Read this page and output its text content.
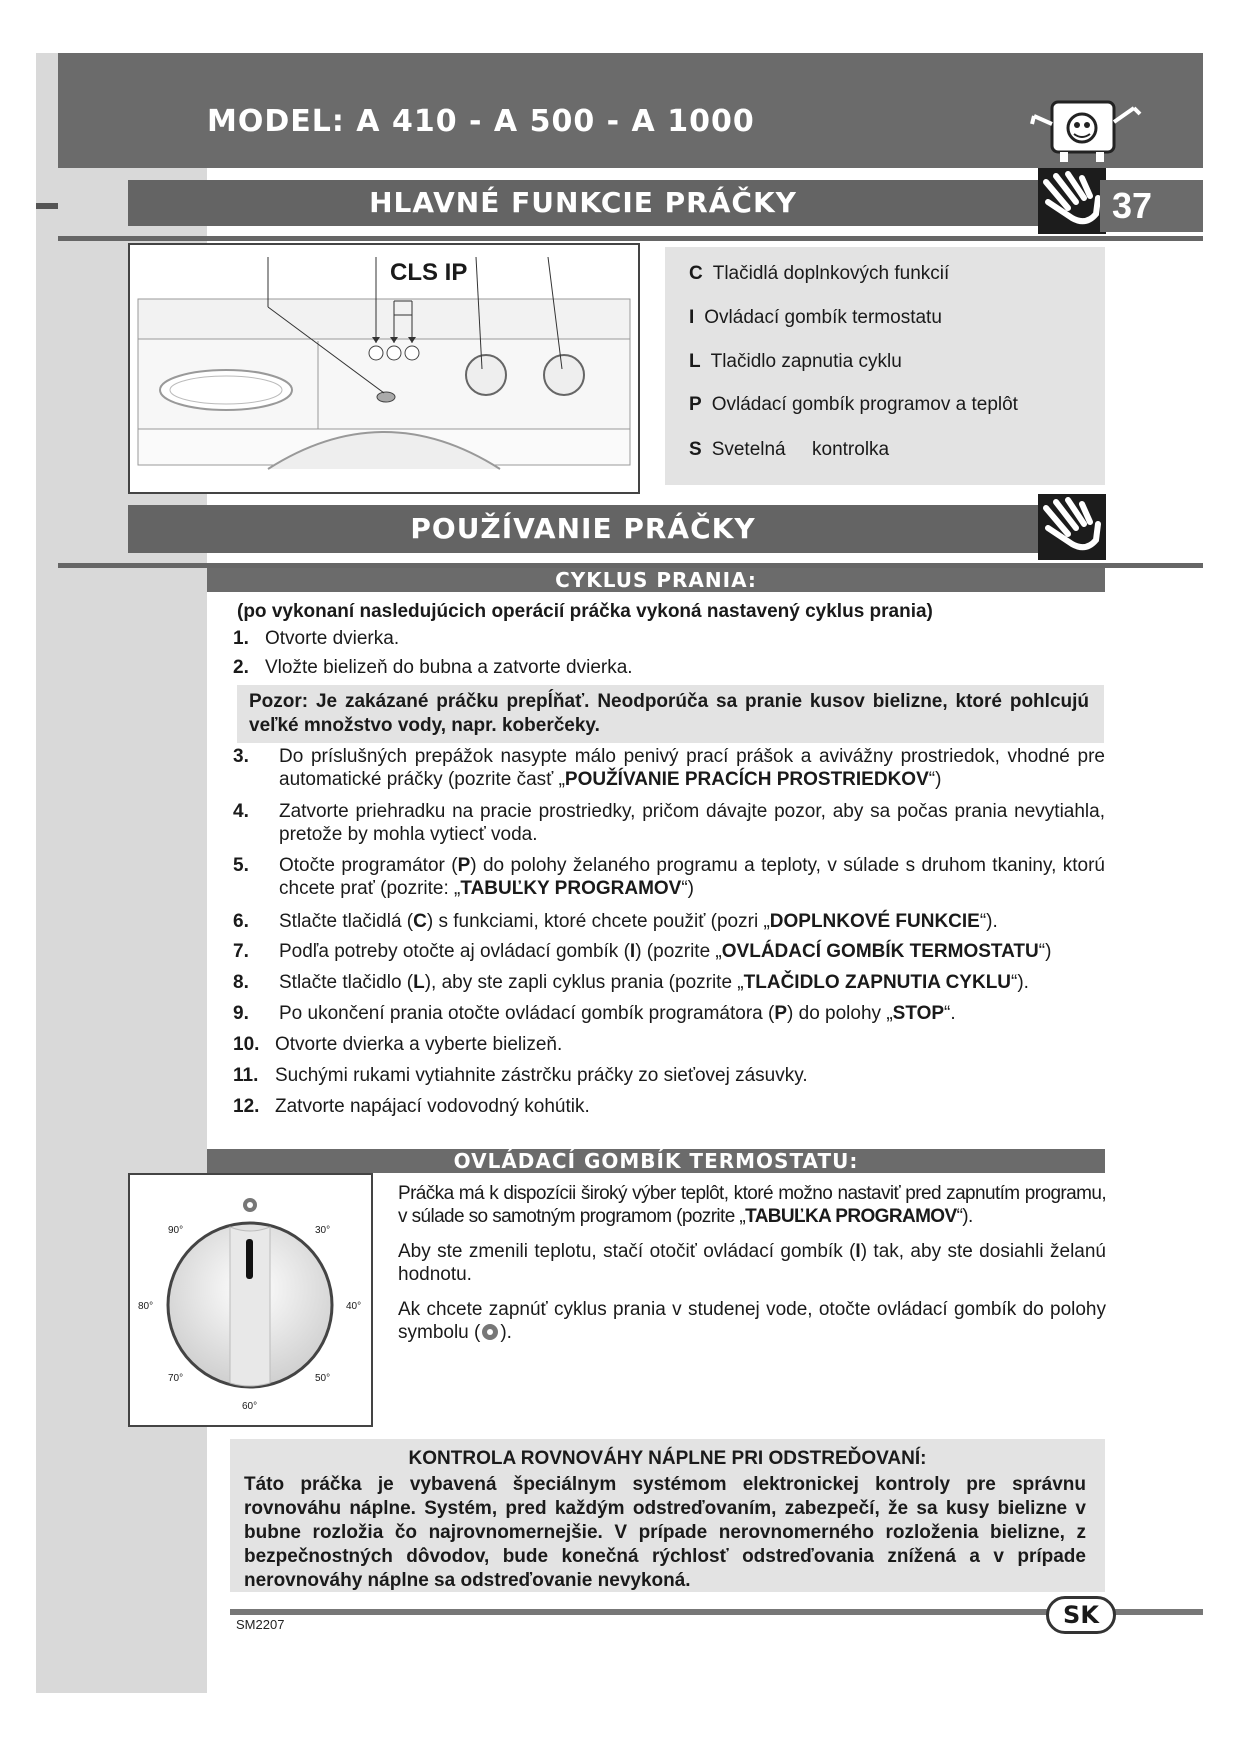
MODEL: A 410 - A 500 - A 1000
HLAVNÉ FUNKCIE PRÁČKY	37
CLS IP	C Tlačidlá doplnkových funkcií
I Ovládací gombík termostatu
L Tlačidlo zapnutia cyklu
P Ovládací gombík programov a teplôt
S Svetelná     kontrolka
POUŽÍVANIE PRÁČKY
CYKLUS PRANIA:
(po vykonaní nasledujúcich operácií práčka vykoná nastavený cyklus prania)
1. Otvorte dvierka.
2. Vložte bielizeň do bubna a zatvorte dvierka.
Pozor: Je zakázané práčku prepĺňať. Neodporúča sa pranie kusov bielizne, ktoré pohlcujú veľké množstvo vody, napr. koberčeky.
3. Do príslušných prepážok nasypte málo penivý prací prášok a avivážny prostriedok, vhodné pre automatické práčky (pozrite časť „POUŽÍVANIE PRACÍCH PROSTRIEDKOV“)
4. Zatvorte priehradku na pracie prostriedky, pričom dávajte pozor, aby sa počas prania nevytiahla, pretože by mohla vytiecť voda.
5. Otočte programátor (P) do polohy želaného programu a teploty, v súlade s druhom tkaniny, ktorú chcete prať (pozrite: „TABUĽKY PROGRAMOV“)
6. Stlačte tlačidlá (C) s funkciami, ktoré chcete použiť (pozri „DOPLNKOVÉ FUNKCIE“).
7. Podľa potreby otočte aj ovládací gombík (I) (pozrite „OVLÁDACÍ GOMBÍK TERMOSTATU“)
8. Stlačte tlačidlo (L), aby ste zapli cyklus prania (pozrite „TLAČIDLO ZAPNUTIA CYKLU“).
9. Po ukončení prania otočte ovládací gombík programátora (P) do polohy „STOP“.
10. Otvorte dvierka a vyberte bielizeň.
11. Suchými rukami vytiahnite zástrčku práčky zo sieťovej zásuvky.
12. Zatvorte napájací vodovodný kohútik.
OVLÁDACÍ GOMBÍK TERMOSTATU:
90°	30°
80°	40°
70°	50°
60°

Práčka má k dispozícii široký výber teplôt, ktoré možno nastaviť pred zapnutím programu, v súlade so samotným programom (pozrite „TABUĽKA PROGRAMOV“).

Aby ste zmenili teplotu, stačí otočiť ovládací gombík (I) tak, aby ste dosiahli želanú hodnotu.

Ak chcete zapnúť cyklus prania v studenej vode, otočte ovládací gombík do polohy symbolu ( ).

KONTROLA ROVNOVÁHY NÁPLNE PRI ODSTREĎOVANÍ:
Táto práčka je vybavená špeciálnym systémom elektronickej kontroly pre správnu rovnováhu náplne. Systém, pred každým odstreďovaním, zabezpečí, že sa kusy bielizne v bubne rozložia čo najrovnomernejšie. V prípade nerovnomerného rozloženia bielizne, z bezpečnostných dôvodov, bude konečná rýchlosť odstreďovania znížená a v prípade nerovnováhy náplne sa odstreďovanie nevykoná.
SK
SM2207
